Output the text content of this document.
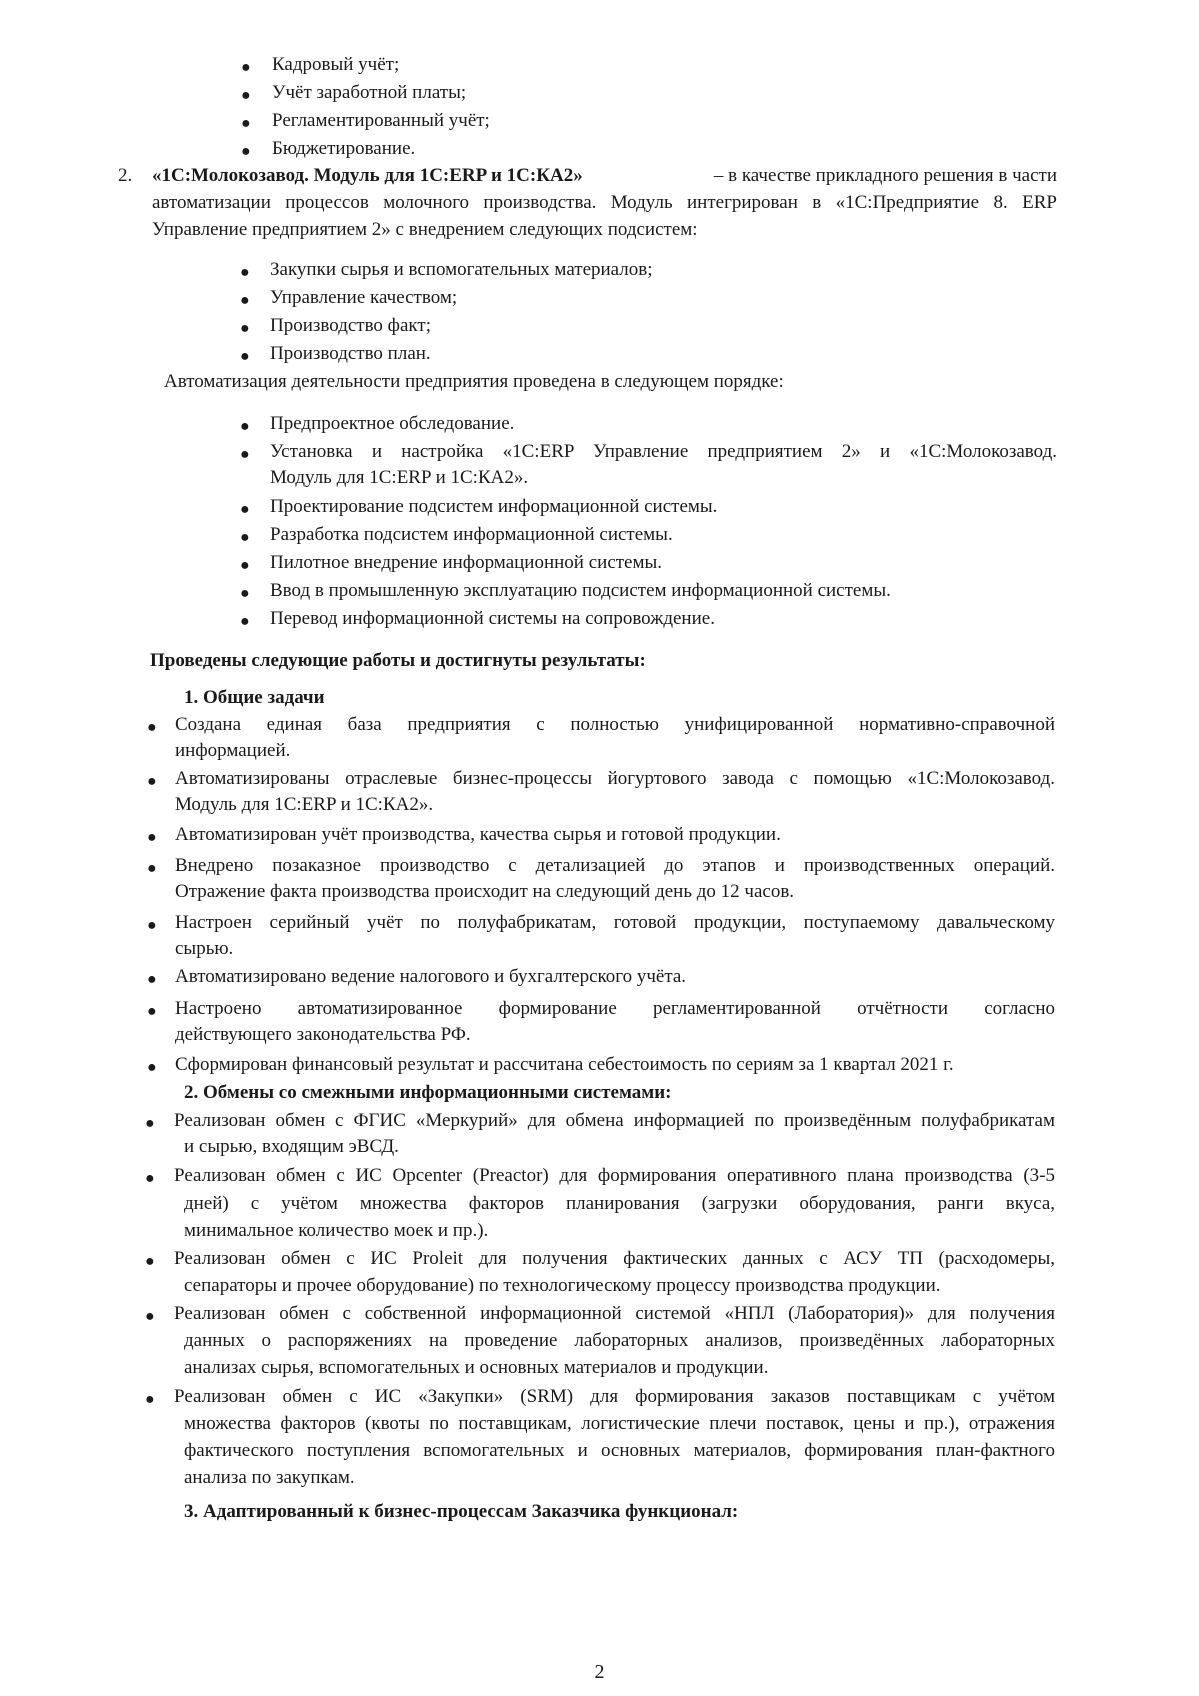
● Кадровый учёт;
● Учёт заработной платы;
● Регламентированный учёт;
● Бюджетирование.
2. «1С:Молокозавод. Модуль для 1С:ERP и 1С:КА2»	– в качестве прикладного решения в части
автоматизации процессов молочного производства. Модуль интегрирован в «1С:Предприятие 8. ERP
Управление предприятием 2» с внедрением следующих подсистем:
● Закупки сырья и вспомогательных материалов;
● Управление качеством;
● Производство факт;
● Производство план.
Автоматизация деятельности предприятия проведена в следующем порядке:
● Предпроектное обследование.
● Установка и настройка «1С:ERP Управление предприятием 2» и «1С:Молокозавод.
Модуль для 1С:ERP и 1С:КА2».
● Проектирование подсистем информационной системы.
● Разработка подсистем информационной системы.
● Пилотное внедрение информационной системы.
● Ввод в промышленную эксплуатацию подсистем информационной системы.
● Перевод информационной системы на сопровождение.
Проведены следующие работы и достигнуты результаты:
1. Общие задачи
● Создана единая база предприятия с полностью унифицированной нормативно-справочной
информацией.
● Автоматизированы отраслевые бизнес-процессы йогуртового завода с помощью «1С:Молокозавод.
Модуль для 1С:ERP и 1С:КА2».
● Автоматизирован учёт производства, качества сырья и готовой продукции.
● Внедрено позаказное производство с детализацией до этапов и производственных операций.
Отражение факта производства происходит на следующий день до 12 часов.
● Настроен серийный учёт по полуфабрикатам, готовой продукции, поступаемому давальческому
сырью.
● Автоматизировано ведение налогового и бухгалтерского учёта.
● Настроено автоматизированное формирование регламентированной отчётности согласно
действующего законодательства РФ.
● Сформирован финансовый результат и рассчитана себестоимость по сериям за 1 квартал 2021 г.
2. Обмены со смежными информационными системами:
● Реализован обмен с ФГИС «Меркурий» для обмена информацией по произведённым полуфабрикатам
и сырью, входящим эВСД.
● Реализован обмен с ИС Opcenter (Preactor) для формирования оперативного плана производства (3-5
дней) с учётом множества факторов планирования (загрузки оборудования, ранги вкуса,
минимальное количество моек и пр.).
● Реализован обмен с ИС Proleit для получения фактических данных с АСУ ТП (расходомеры,
сепараторы и прочее оборудование) по технологическому процессу производства продукции.
● Реализован обмен с собственной информационной системой «НПЛ (Лаборатория)» для получения
данных о распоряжениях на проведение лабораторных анализов, произведённых лабораторных
анализах сырья, вспомогательных и основных материалов и продукции.
● Реализован обмен с ИС «Закупки» (SRM) для формирования заказов поставщикам с учётом
множества факторов (квоты по поставщикам, логистические плечи поставок, цены и пр.), отражения
фактического поступления вспомогательных и основных материалов, формирования план-фактного
анализа по закупкам.
3. Адаптированный к бизнес-процессам Заказчика функционал:
2
